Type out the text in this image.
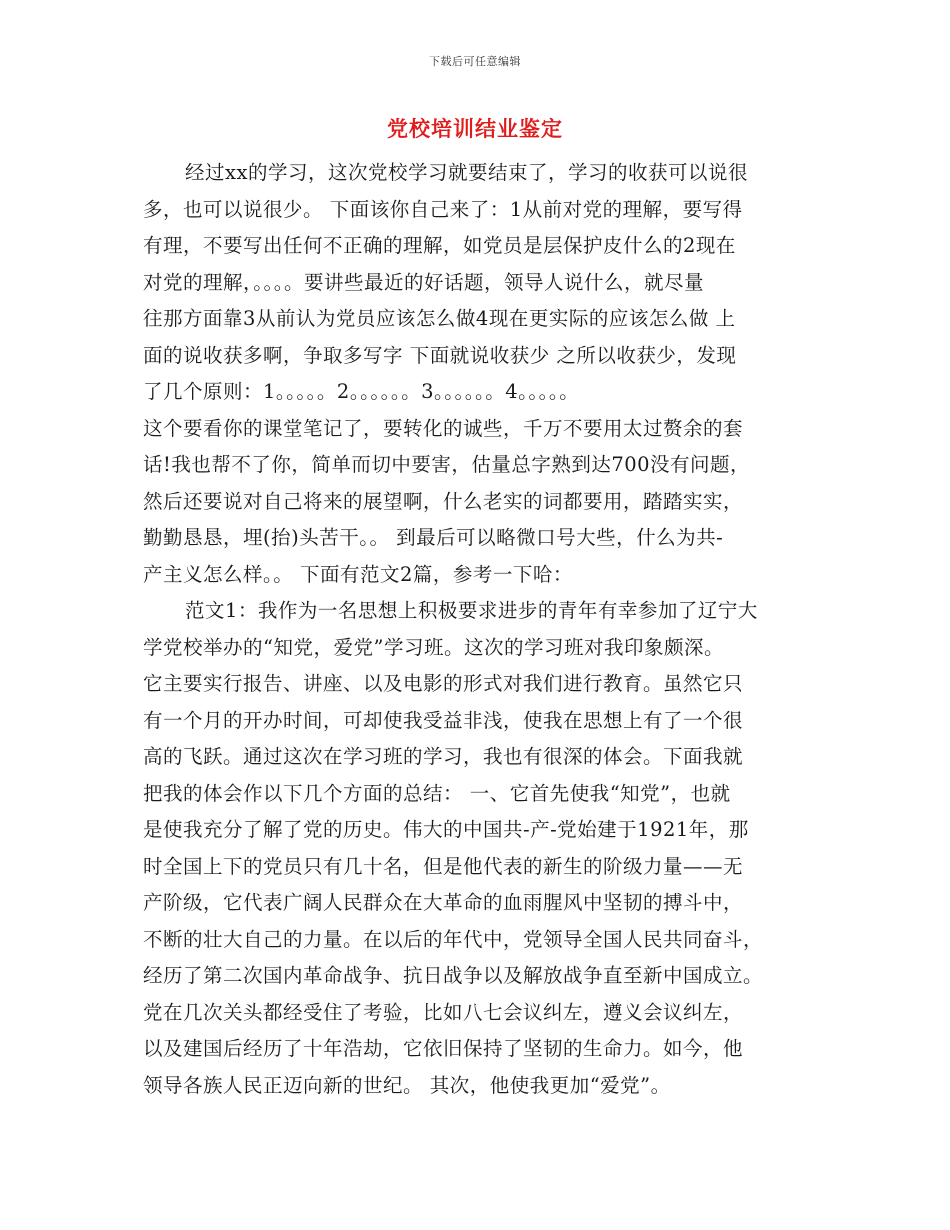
下载后可任意编辑
党校培训结业鉴定
经过xx的学习，这次党校学习就要结束了，学习的收获可以说很
多，也可以说很少。 下面该你自己来了：1从前对党的理解，要写得
有理，不要写出任何不正确的理解，如党员是层保护皮什么的2现在
对党的理解，。。。。要讲些最近的好话题，领导人说什么，就尽量
往那方面靠3从前认为党员应该怎么做4现在更实际的应该怎么做 上
面的说收获多啊，争取多写字 下面就说收获少 之所以收获少，发现
了几个原则：1。。。。。2。。。。。。3。。。。。。4。。。。。
这个要看你的课堂笔记了，要转化的诚些，千万不要用太过赘余的套
话!我也帮不了你，简单而切中要害，估量总字熟到达700没有问题，
然后还要说对自己将来的展望啊，什么老实的词都要用，踏踏实实，
勤勤恳恳，埋(抬)头苦干。。 到最后可以略微口号大些，什么为共-
产主义怎么样。。 下面有范文2篇，参考一下哈：
范文1：我作为一名思想上积极要求进步的青年有幸参加了辽宁大
学党校举办的“知党，爱党”学习班。这次的学习班对我印象颇深。
它主要实行报告、讲座、以及电影的形式对我们进行教育。虽然它只
有一个月的开办时间，可却使我受益非浅，使我在思想上有了一个很
高的飞跃。通过这次在学习班的学习，我也有很深的体会。下面我就
把我的体会作以下几个方面的总结： 一、它首先使我“知党”，也就
是使我充分了解了党的历史。伟大的中国共-产-党始建于1921年，那
时全国上下的党员只有几十名，但是他代表的新生的阶级力量——无
产阶级，它代表广阔人民群众在大革命的血雨腥风中坚韧的搏斗中，
不断的壮大自己的力量。在以后的年代中，党领导全国人民共同奋斗，
经历了第二次国内革命战争、抗日战争以及解放战争直至新中国成立。
党在几次关头都经受住了考验，比如八七会议纠左，遵义会议纠左，
以及建国后经历了十年浩劫，它依旧保持了坚韧的生命力。如今，他
领导各族人民正迈向新的世纪。 其次，他使我更加“爱党”。
